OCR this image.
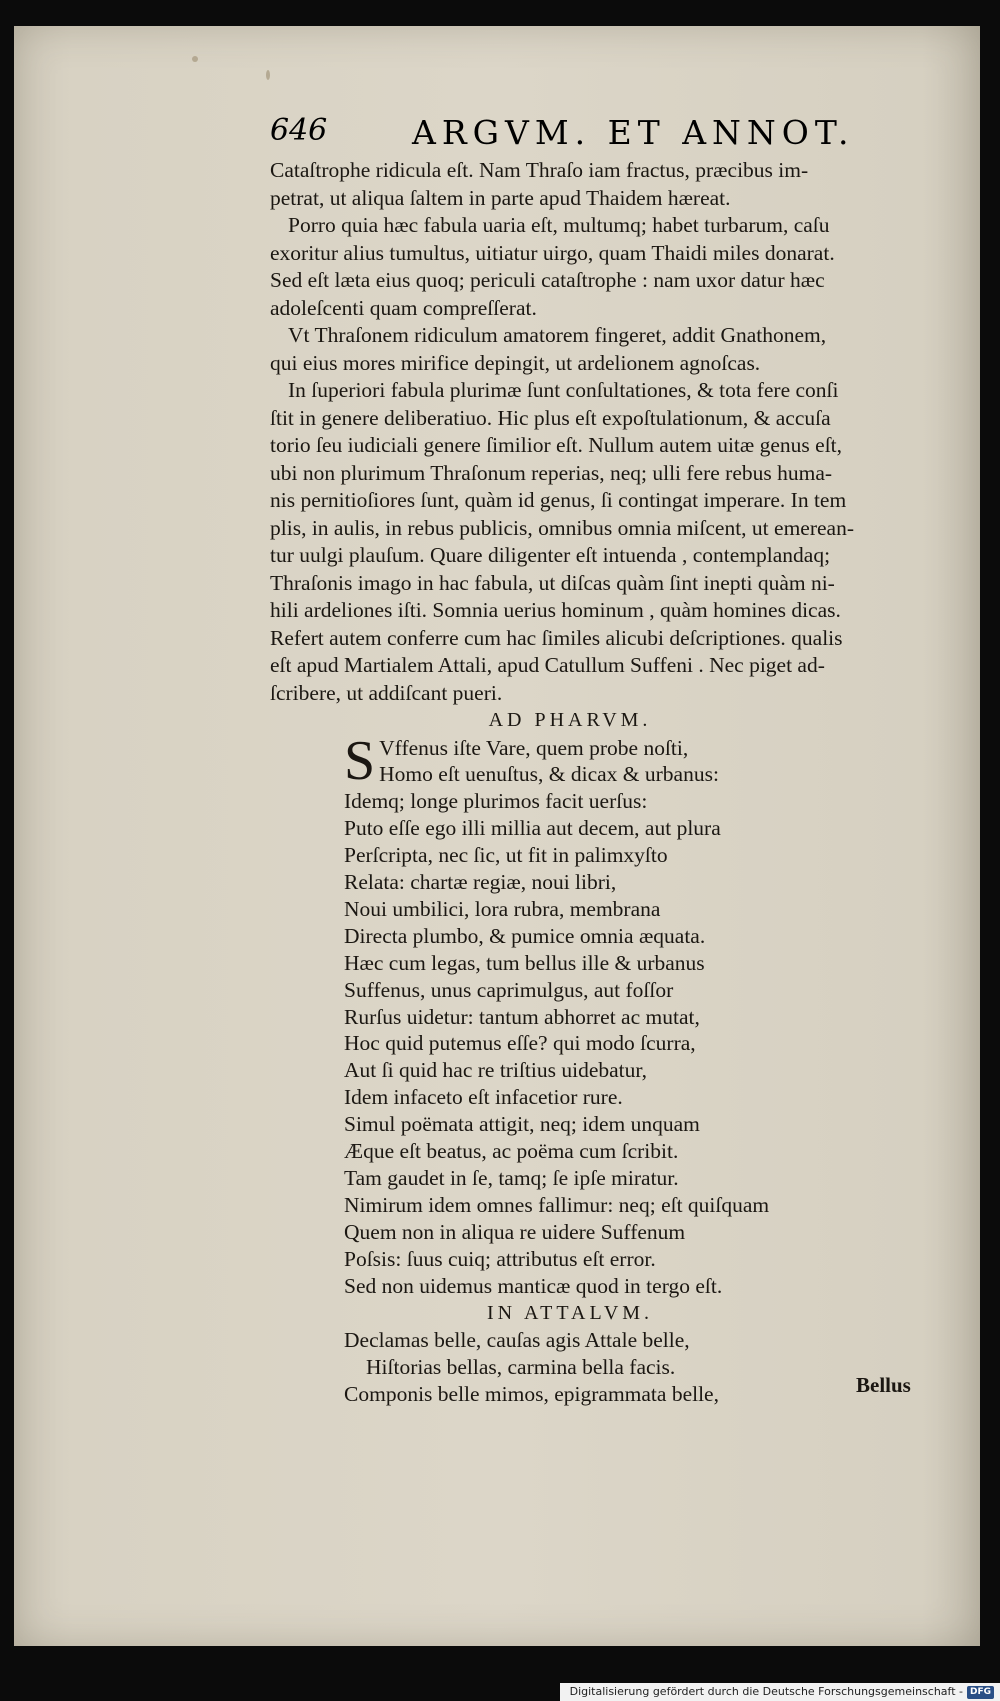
646	ARGVM. ET ANNOT.

Cataſtrophe ridicula eſt. Nam Thraſo iam fractus, præcibus im-
petrat, ut aliqua ſaltem in parte apud Thaidem hæreat.

Porro quia hæc fabula uaria eſt, multumq; habet turbarum, caſu
exoritur alius tumultus, uitiatur uirgo, quam Thaidi miles donarat.
Sed eſt læta eius quoq; periculi cataſtrophe : nam uxor datur hæc
adoleſcenti quam compreſſerat.

Vt Thraſonem ridiculum amatorem fingeret, addit Gnathonem,
qui eius mores mirifice depingit, ut ardelionem agnoſcas.

In ſuperiori fabula plurimæ ſunt conſultationes, & tota fere conſi
ſtit in genere deliberatiuo. Hic plus eſt expoſtulationum, & accuſa
torio ſeu iudiciali genere ſimilior eſt. Nullum autem uitæ genus eſt,
ubi non plurimum Thraſonum reperias, neq; ulli fere rebus huma-
nis pernitioſiores ſunt, quàm id genus, ſi contingat imperare. In tem
plis, in aulis, in rebus publicis, omnibus omnia miſcent, ut emerean-
tur uulgi plauſum. Quare diligenter eſt intuenda , contemplandaq;
Thraſonis imago in hac fabula, ut diſcas quàm ſint inepti quàm ni-
hili ardeliones iſti. Somnia uerius hominum , quàm homines dicas.
Refert autem conferre cum hac ſimiles alicubi deſcriptiones. qualis
eſt apud Martialem Attali, apud Catullum Suffeni . Nec piget ad-
ſcribere, ut addiſcant pueri.

AD PHARVM.

S Vffenus iſte Vare, quem probe noſti,
Homo eſt uenuſtus, & dicax & urbanus:
Idemq; longe plurimos facit uerſus:
Puto eſſe ego illi millia aut decem, aut plura
Perſcripta, nec ſic, ut fit in palimxyſto
Relata: chartæ regiæ, noui libri,
Noui umbilici, lora rubra, membrana
Directa plumbo, & pumice omnia æquata.
Hæc cum legas, tum bellus ille & urbanus
Suffenus, unus caprimulgus, aut foſſor
Rurſus uidetur: tantum abhorret ac mutat,
Hoc quid putemus eſſe? qui modo ſcurra,
Aut ſi quid hac re triſtius uidebatur,
Idem infaceto eſt infacetior rure.
Simul poëmata attigit, neq; idem unquam
Æque eſt beatus, ac poëma cum ſcribit.
Tam gaudet in ſe, tamq; ſe ipſe miratur.
Nimirum idem omnes fallimur: neq; eſt quiſquam
Quem non in aliqua re uidere Suffenum
Poſsis: ſuus cuiq; attributus eſt error.
Sed non uidemus manticæ quod in tergo eſt.

IN ATTALVM.

Declamas belle, cauſas agis Attale belle,
Hiſtorias bellas, carmina bella facis.
Componis belle mimos, epigrammata belle,	Bellus
Digitalisierung gefördert durch die Deutsche Forschungsgemeinschaft - DFG
